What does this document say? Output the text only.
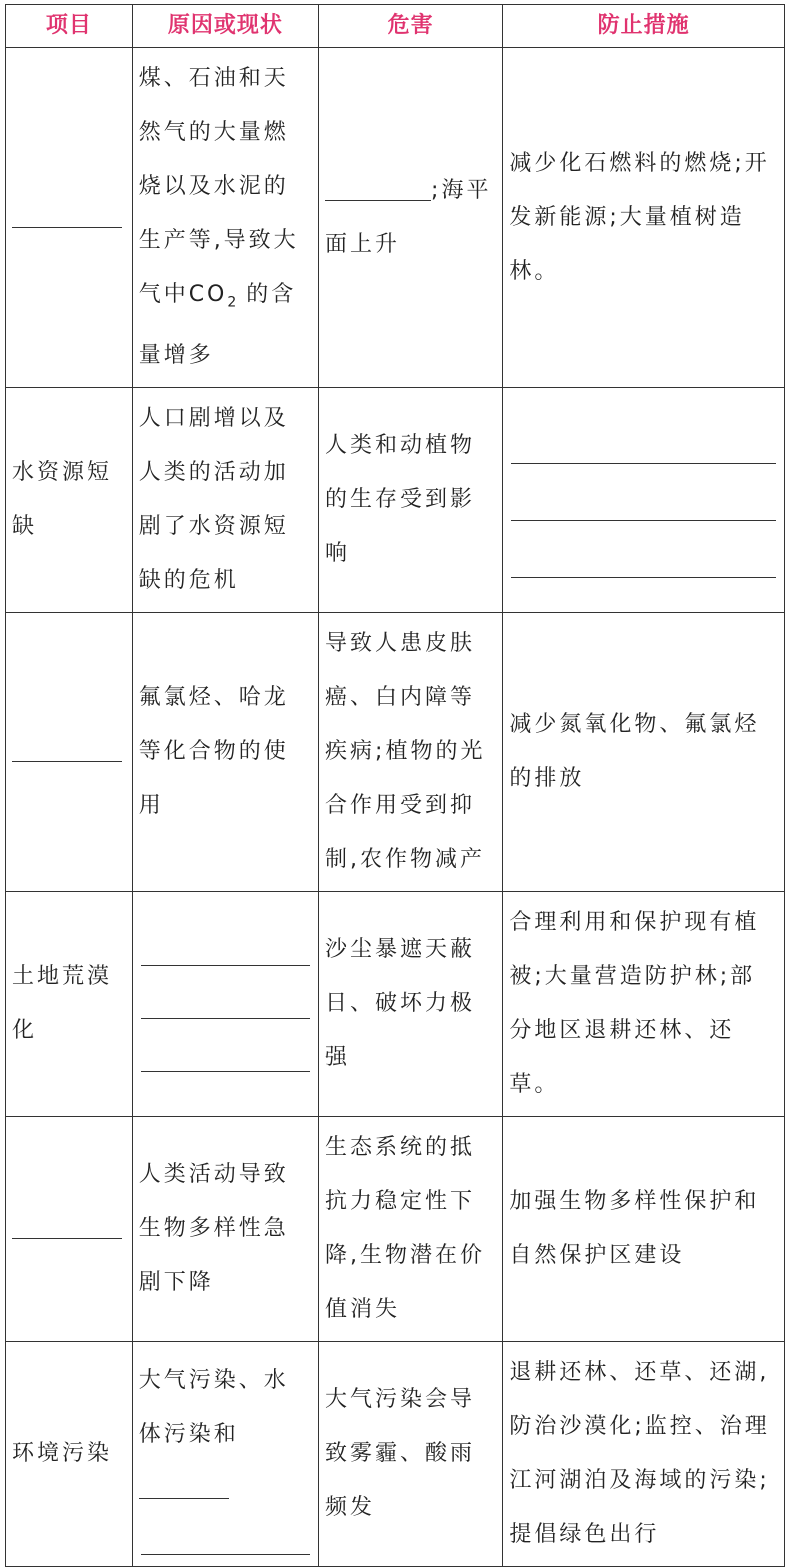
项目	原因或现状	危害	防止措施
	煤、石油和天然气的大量燃烧以及水泥的生产等,导致大气中$CO_2$ 的含量增多	;海平面上升	减少化石燃料的燃烧;开发新能源;大量植树造林。
水资源短缺	人口剧增以及人类的活动加剧了水资源短缺的危机	人类和动植物的生存受到影响	

	氟氯烃、哈龙等化合物的使用	导致人患皮肤癌、白内障等疾病;植物的光合作用受到抑制,农作物减产	减少氮氧化物、氟氯烃的排放
土地荒漠化		沙尘暴遮天蔽日、破坏力极强	合理利用和保护现有植被;大量营造防护林;部分地区退耕还林、还草。
	人类活动导致生物多样性急剧下降	生态系统的抵抗力稳定性下降,生物潜在价值消失	加强生物多样性保护和自然保护区建设
环境污染	大气污染、水体污染和	大气污染会导致雾霾、酸雨频发	退耕还林、还草、还湖,防治沙漠化;监控、治理江河湖泊及海域的污染;提倡绿色出行
